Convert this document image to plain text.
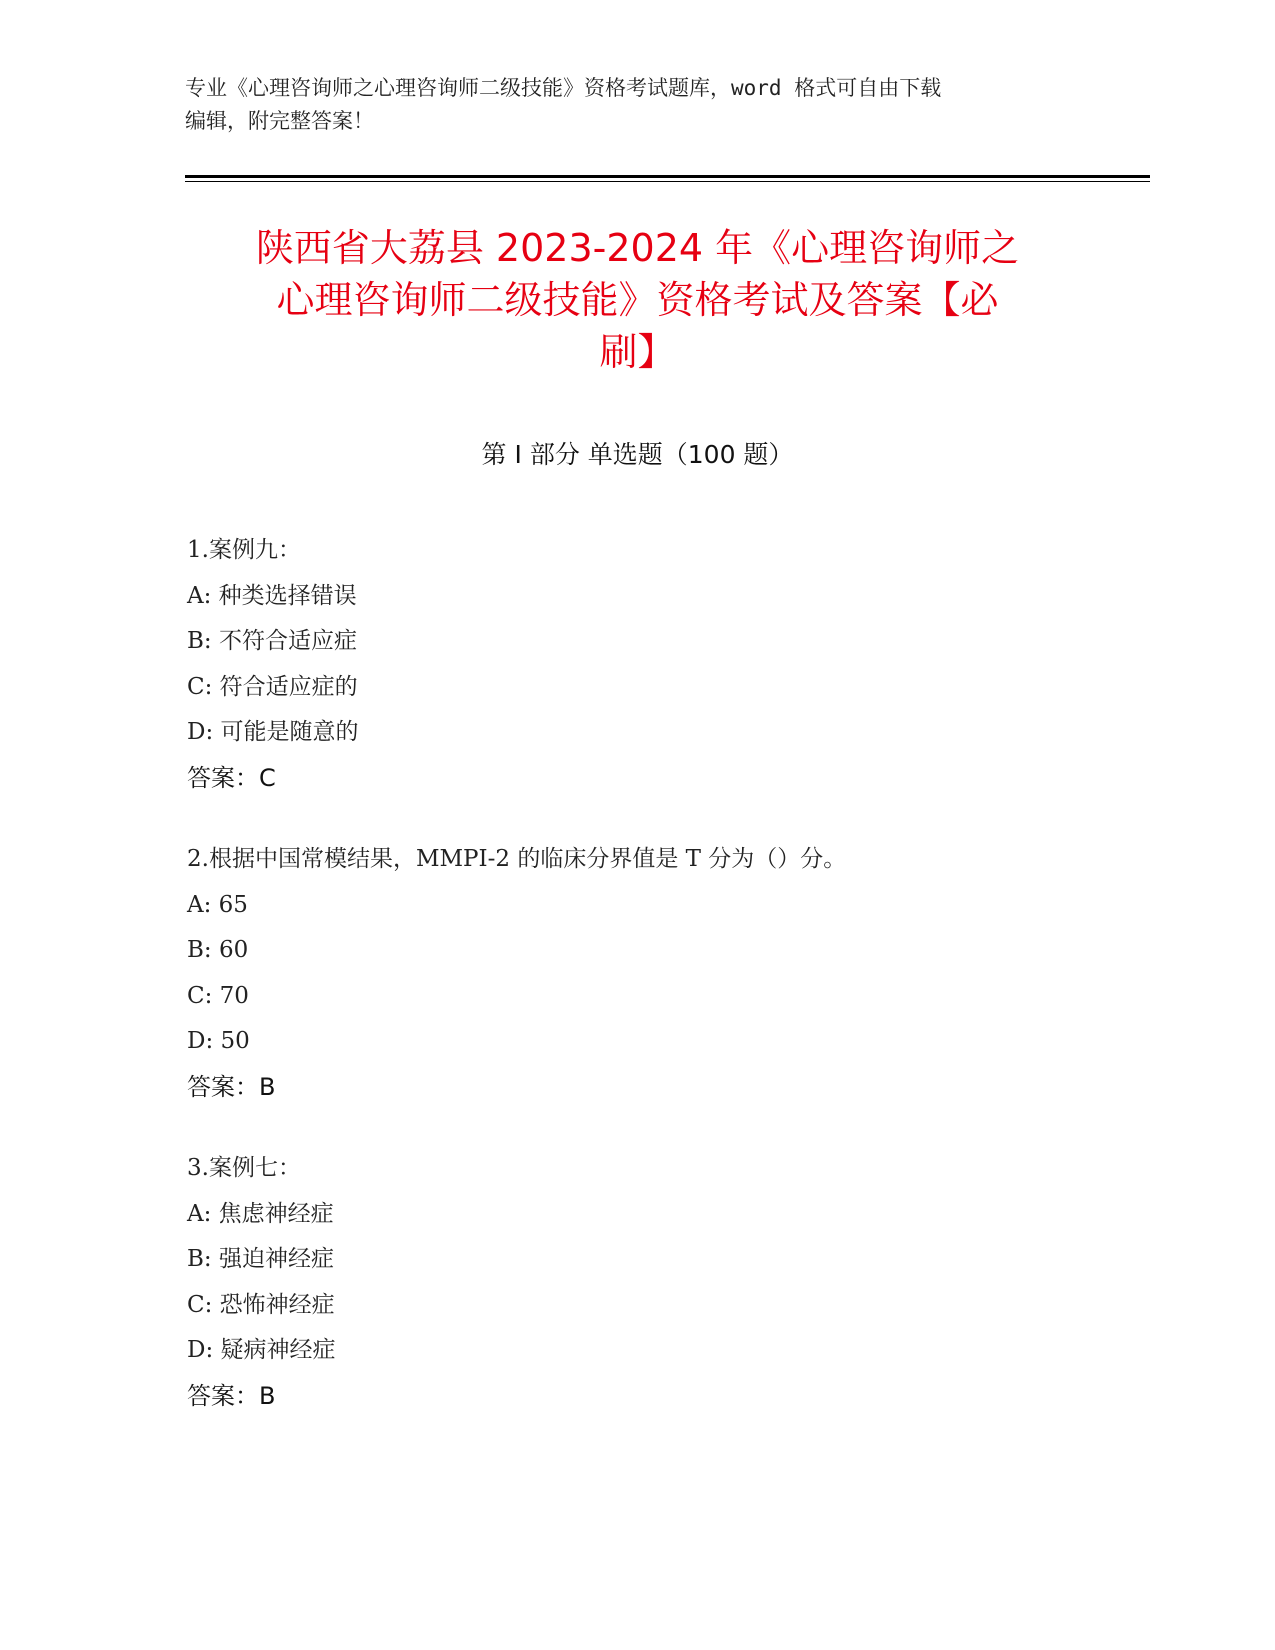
专业《心理咨询师之心理咨询师二级技能》资格考试题库，word 格式可自由下载
编辑，附完整答案！
陕西省大荔县 2023-2024 年《心理咨询师之
心理咨询师二级技能》资格考试及答案【必
刷】
第 I 部分 单选题（100 题）
1.案例九：
A: 种类选择错误
B: 不符合适应症
C: 符合适应症的
D: 可能是随意的
答案：C
2.根据中国常模结果，MMPI-2 的临床分界值是 T 分为（）分。
A: 65
B: 60
C: 70
D: 50
答案：B
3.案例七：
A: 焦虑神经症
B: 强迫神经症
C: 恐怖神经症
D: 疑病神经症
答案：B
